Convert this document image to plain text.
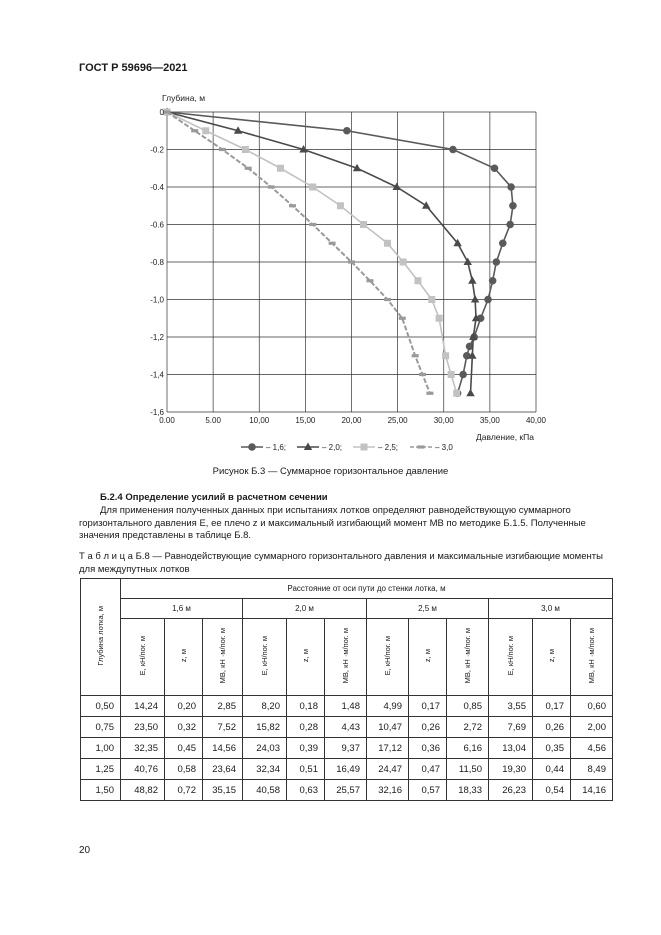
ГОСТ Р 59696—2021
0.00	5.00	10,00	15,00	20,00	25,00	30,00	35,00	40,00
0
-0.2
-0.4
-0.6
-0.8
-1,0
-1,2
-1,4
-1,6
Глубина, м
Давление, кПа
– 1,6;	– 2,0;	– 2,5;	– 3,0
Рисунок Б.3 — Суммарное горизонтальное давление
Б.2.4 Определение усилий в расчетном сечении
Для применения полученных данных при испытаниях лотков определяют равнодействующую суммарного горизонтального давления E, ее плечо z и максимальный изгибающий момент MB по методике Б.1.5. Полученные значения представлены в таблице Б.8.
Т а б л и ц а Б.8 — Равнодействующие суммарного горизонтального давления и максимальные изгибающие моменты для междупутных лотков
Глубина лотка, м	Расстояние от оси пути до стенки лотка, м											
	1,6 м			2,0 м			2,5 м			3,0 м		
	E, кН/пог. м	z, м	MB, кН ·м/пог. м	E, кН/пог. м	z, м	MB, кН ·м/пог. м	E, кН/пог. м	z, м	MB, кН ·м/пог. м	E, кН/пог. м	z, м	MB, кН ·м/пог. м
0,50	14,24	0,20	2,85	8,20	0,18	1,48	4,99	0,17	0,85	3,55	0,17	0,60
0,75	23,50	0,32	7,52	15,82	0,28	4,43	10,47	0,26	2,72	7,69	0,26	2,00
1,00	32,35	0,45	14,56	24,03	0,39	9,37	17,12	0,36	6,16	13,04	0,35	4,56
1,25	40,76	0,58	23,64	32,34	0,51	16,49	24,47	0,47	11,50	19,30	0,44	8,49
1,50	48,82	0,72	35,15	40,58	0,63	25,57	32,16	0,57	18,33	26,23	0,54	14,16
20
